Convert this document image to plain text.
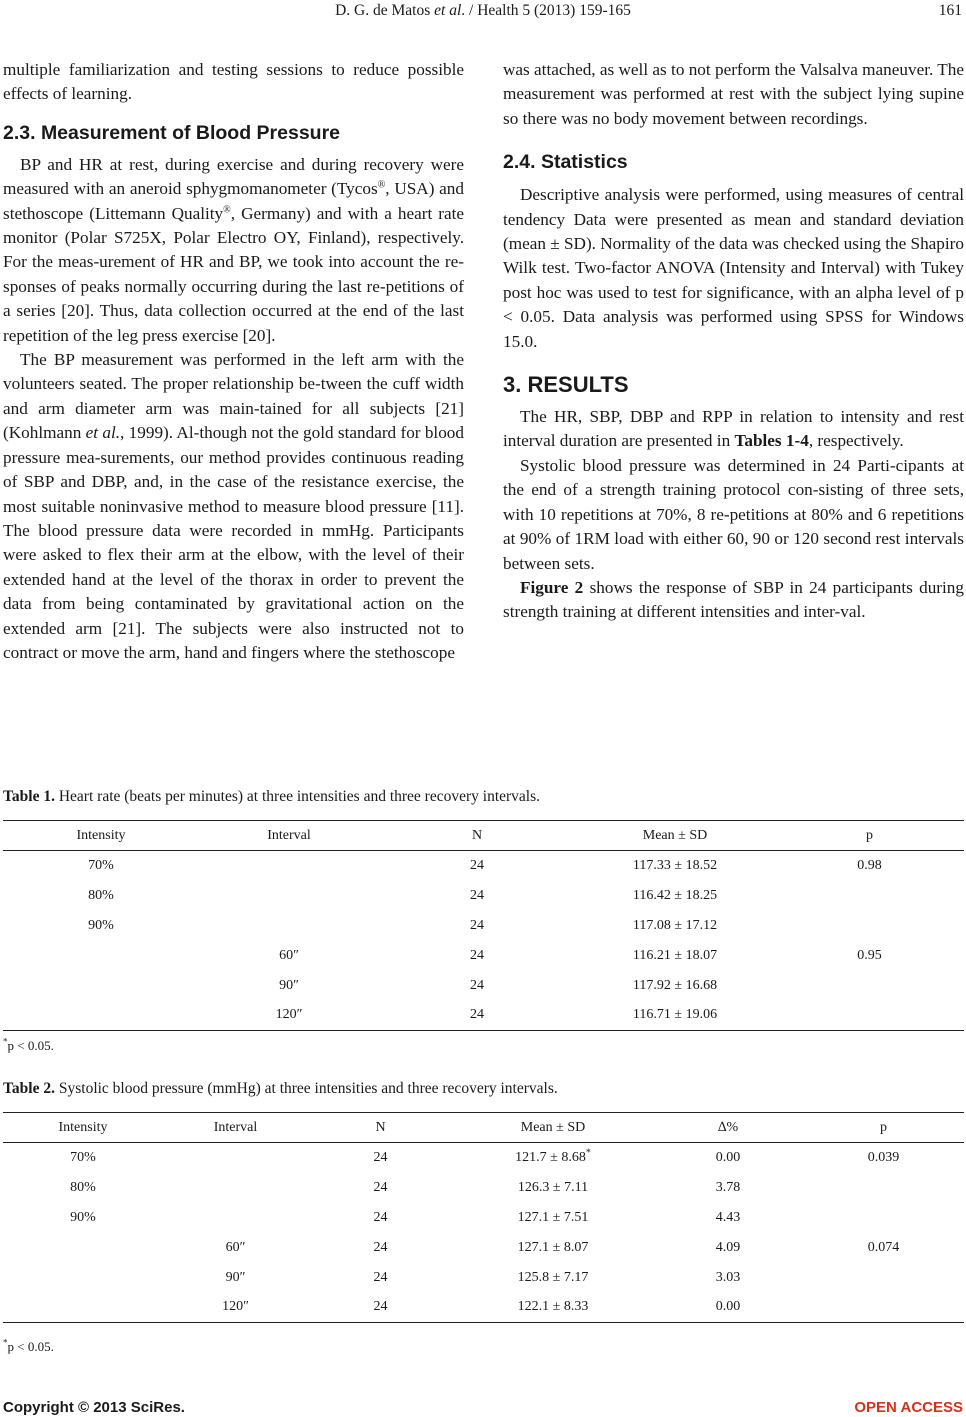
D. G. de Matos et al. / Health 5 (2013) 159-165	161

multiple familiarization and testing sessions to reduce possible effects of learning.

2.3. Measurement of Blood Pressure

BP and HR at rest, during exercise and during recovery were measured with an aneroid sphygmomanometer (Tycos®, USA) and stethoscope (Littemann Quality®, Germany) and with a heart rate monitor (Polar S725X, Polar Electro OY, Finland), respectively. For the meas-urement of HR and BP, we took into account the re-sponses of peaks normally occurring during the last re-petitions of a series [20]. Thus, data collection occurred at the end of the last repetition of the leg press exercise [20].

The BP measurement was performed in the left arm with the volunteers seated. The proper relationship be-tween the cuff width and arm diameter arm was main-tained for all subjects [21] (Kohlmann et al., 1999). Al-though not the gold standard for blood pressure mea-surements, our method provides continuous reading of SBP and DBP, and, in the case of the resistance exercise, the most suitable noninvasive method to measure blood pressure [11]. The blood pressure data were recorded in mmHg. Participants were asked to flex their arm at the elbow, with the level of their extended hand at the level of the thorax in order to prevent the data from being contaminated by gravitational action on the extended arm [21]. The subjects were also instructed not to contract or move the arm, hand and fingers where the stethoscope

was attached, as well as to not perform the Valsalva maneuver. The measurement was performed at rest with the subject lying supine so there was no body movement between recordings.

2.4. Statistics

Descriptive analysis were performed, using measures of central tendency Data were presented as mean and standard deviation (mean ± SD). Normality of the data was checked using the Shapiro Wilk test. Two-factor ANOVA (Intensity and Interval) with Tukey post hoc was used to test for significance, with an alpha level of p < 0.05. Data analysis was performed using SPSS for Windows 15.0.

3. RESULTS

The HR, SBP, DBP and RPP in relation to intensity and rest interval duration are presented in Tables 1-4, respectively.

Systolic blood pressure was determined in 24 Parti-cipants at the end of a strength training protocol con-sisting of three sets, with 10 repetitions at 70%, 8 re-petitions at 80% and 6 repetitions at 90% of 1RM load with either 60, 90 or 120 second rest intervals between sets.

Figure 2 shows the response of SBP in 24 participants during strength training at different intensities and inter-val.

Table 1. Heart rate (beats per minutes) at three intensities and three recovery intervals.
Intensity	Interval	N	Mean ± SD	p
70%		24	117.33 ± 18.52	0.98
80%		24	116.42 ± 18.25	
90%		24	117.08 ± 17.12	
	60″	24	116.21 ± 18.07	0.95
	90″	24	117.92 ± 16.68	
	120″	24	116.71 ± 19.06	
*p < 0.05.
Table 2. Systolic blood pressure (mmHg) at three intensities and three recovery intervals.
Intensity	Interval	N	Mean ± SD	∆%	p
70%		24	121.7 ± 8.68*	0.00	0.039
80%		24	126.3 ± 7.11	3.78	
90%		24	127.1 ± 7.51	4.43	
	60″	24	127.1 ± 8.07	4.09	0.074
	90″	24	125.8 ± 7.17	3.03	
	120″	24	122.1 ± 8.33	0.00	
*p < 0.05.
Copyright © 2013 SciRes.	OPEN ACCESS
